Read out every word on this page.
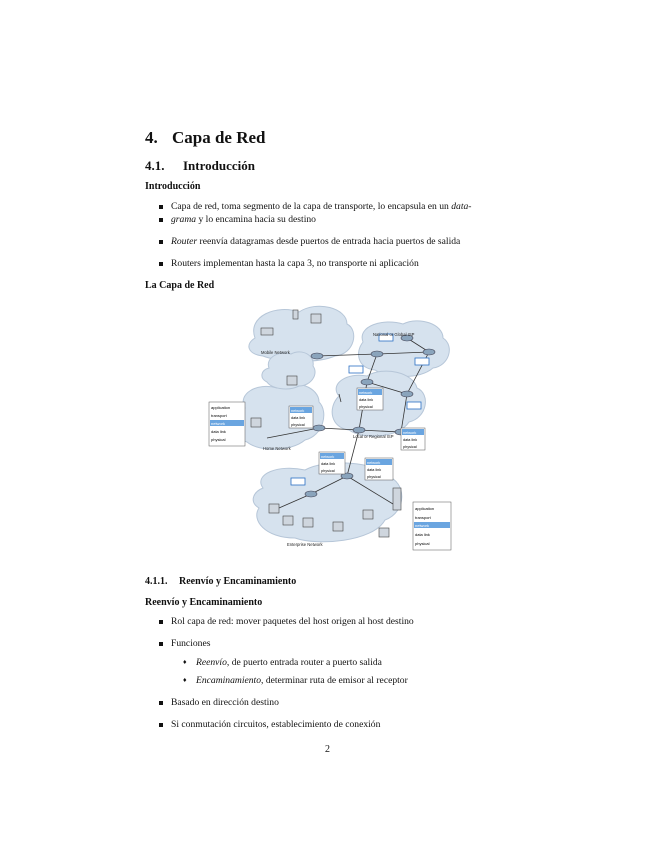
4. Capa de Red
4.1. Introducción

Introducción

Capa de red, toma segmento de la capa de transporte, lo encapsula en un data-
grama y lo encamina hacia su destino
Router reenvía datagramas desde puertos de entrada hacia puertos de salida
Routers implementan hasta la capa 3, no transporte ni aplicación

La Capa de Red

Mobile Network
National or Global ISP
Local or Regional ISP
Home Network
Enterprise Network
application
transport
network
data link
physical
application
transport
network
data link
physical
network
data link
physical
network
data link
physical
network
data link
physical
network
data link
physical
network
data link
physical
4.1.1. Reenvío y Encaminamiento

Reenvío y Encaminamiento

Rol capa de red: mover paquetes del host origen al host destino
Funciones
♦ Reenvío, de puerto entrada router a puerto salida
♦ Encaminamiento, determinar ruta de emisor al receptor
Basado en dirección destino
Si conmutación circuitos, establecimiento de conexión
2
